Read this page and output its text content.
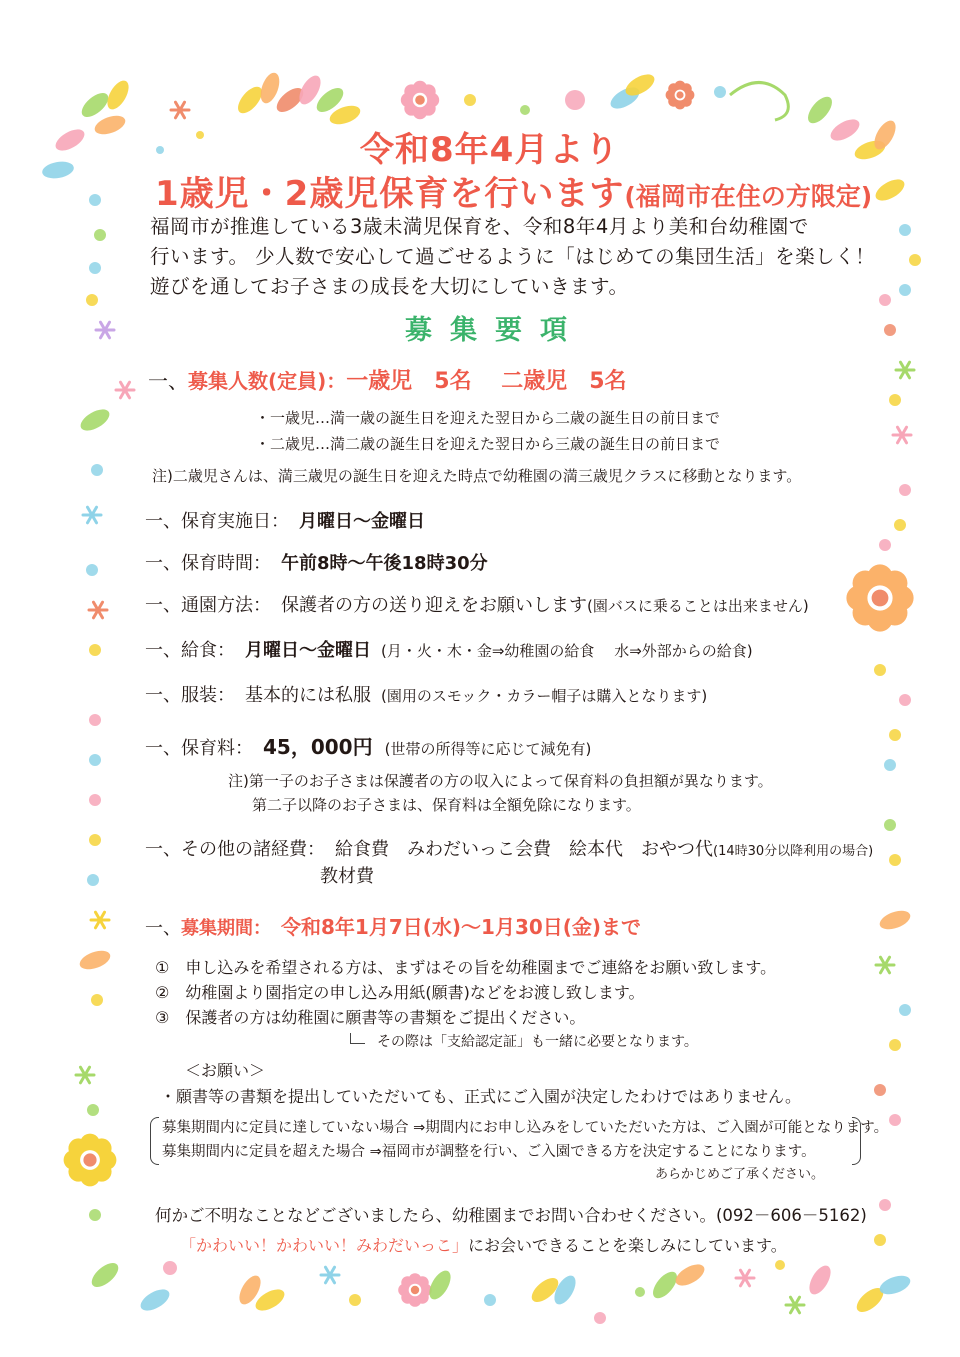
令和8年4月より
1歳児・2歳児保育を行います(福岡市在住の方限定)
福岡市が推進している3歳未満児保育を、令和8年4月より美和台幼稚園で
行います。 少人数で安心して過ごせるように「はじめての集団生活」を楽しく！
遊びを通してお子さまの成長を大切にしていきます。
募集要項
一、募集人数(定員)：一歳児　5名　 二歳児　5名
・一歳児…満一歳の誕生日を迎えた翌日から二歳の誕生日の前日まで
・二歳児…満二歳の誕生日を迎えた翌日から三歳の誕生日の前日まで
注)二歳児さんは、満三歳児の誕生日を迎えた時点で幼稚園の満三歳児クラスに移動となります。
一、保育実施日： 月曜日～金曜日
一、保育時間： 午前8時～午後18時30分
一、通園方法： 保護者の方の送り迎えをお願いします(園バスに乗ることは出来ません)
一、給食： 月曜日～金曜日 (月・火・木・金⇒幼稚園の給食　 水⇒外部からの給食)
一、服装： 基本的には私服 (園用のスモック・カラー帽子は購入となります)
一、保育料： 45，000円 (世帯の所得等に応じて減免有)
注)第一子のお子さまは保護者の方の収入によって保育料の負担額が異なります。
第二子以降のお子さまは、保育料は全額免除になります。
一、その他の諸経費： 給食費　みわだいっこ会費　絵本代　おやつ代(14時30分以降利用の場合)
教材費
一、募集期間： 令和8年1月7日(水)～1月30日(金)まで
①　申し込みを希望される方は、まずはその旨を幼稚園までご連絡をお願い致します。
②　幼稚園より園指定の申し込み用紙(願書)などをお渡し致します。
③　保護者の方は幼稚園に願書等の書類をご提出ください。
その際は「支給認定証」も一緒に必要となります。
＜お願い＞
・願書等の書類を提出していただいても、正式にご入園が決定したわけではありません。
募集期間内に定員に達していない場合 ⇒期間内にお申し込みをしていただいた方は、ご入園が可能となります。
募集期間内に定員を超えた場合 ⇒福岡市が調整を行い、ご入園できる方を決定することになります。
あらかじめご了承ください。
何かご不明なことなどございましたら、幼稚園までお問い合わせください。(092－606－5162)
「かわいい！かわいい！みわだいっこ」にお会いできることを楽しみにしています。
